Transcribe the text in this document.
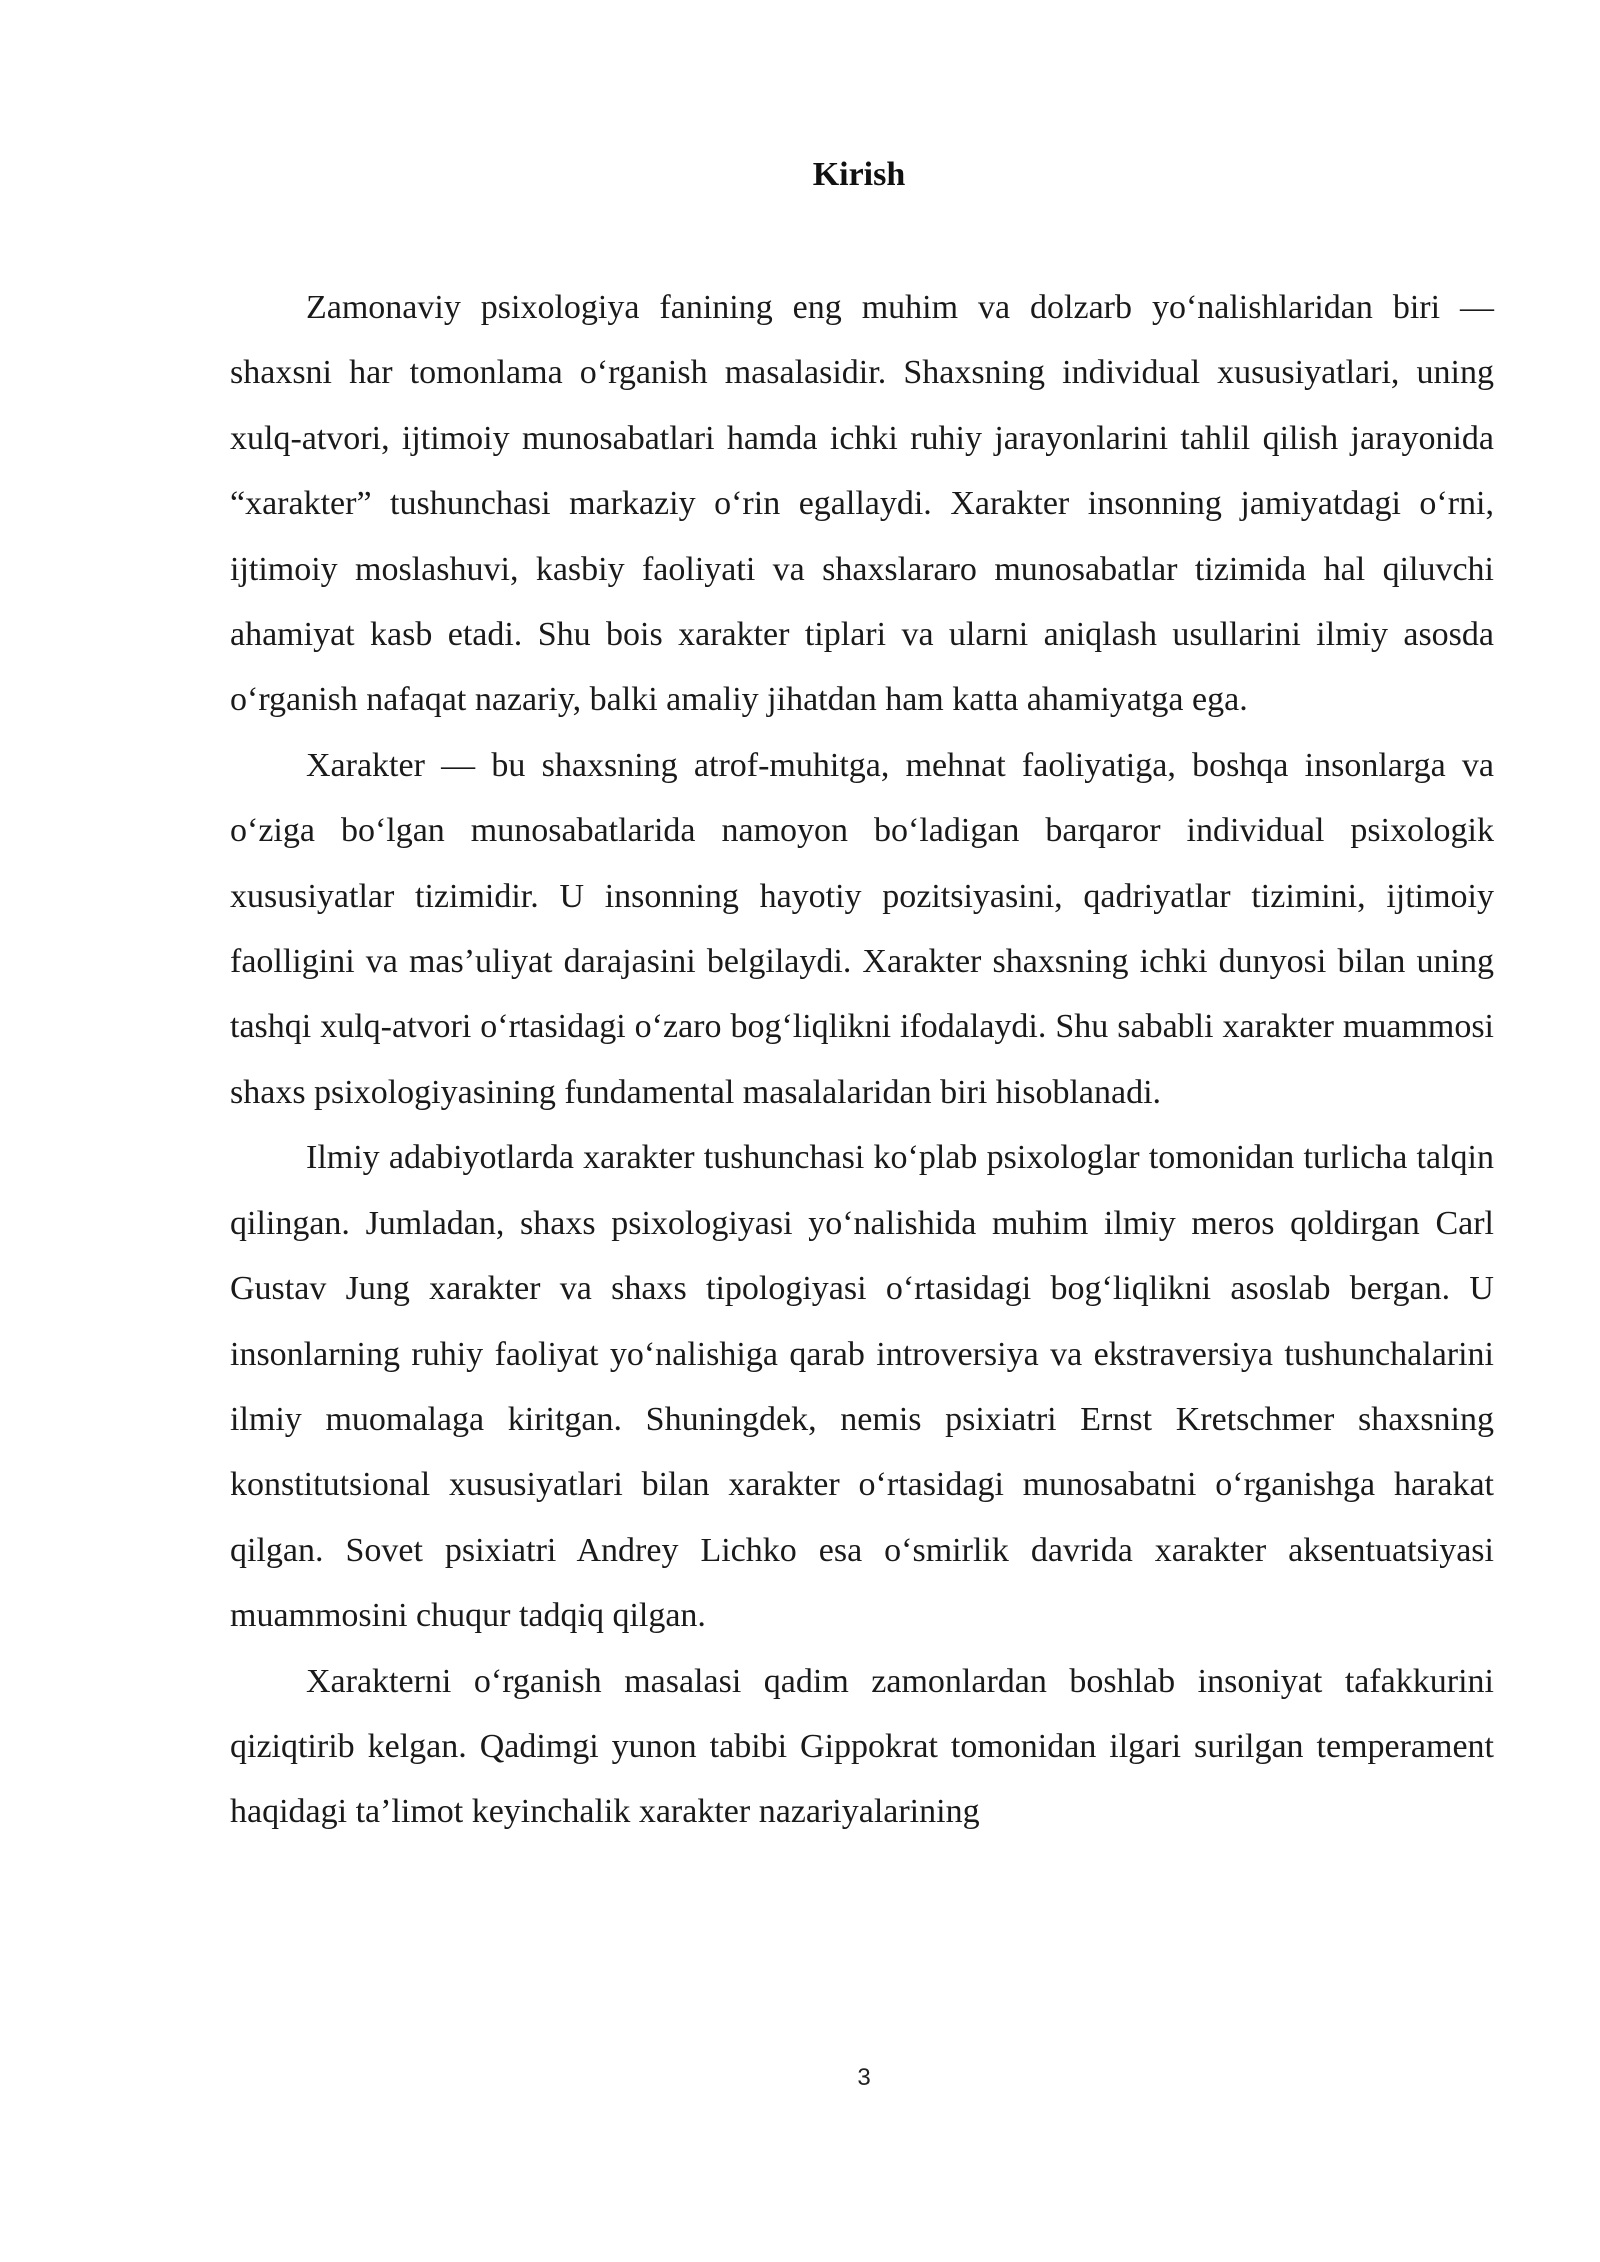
Kirish

Zamonaviy psixologiya fanining eng muhim va dolzarb yo‘nalishlaridan biri — shaxsni har tomonlama o‘rganish masalasidir. Shaxsning individual xususiyatlari, uning xulq-atvori, ijtimoiy munosabatlari hamda ichki ruhiy jarayonlarini tahlil qilish jarayonida “xarakter” tushunchasi markaziy o‘rin egallaydi. Xarakter insonning jamiyatdagi o‘rni, ijtimoiy moslashuvi, kasbiy faoliyati va shaxslararo munosabatlar tizimida hal qiluvchi ahamiyat kasb etadi. Shu bois xarakter tiplari va ularni aniqlash usullarini ilmiy asosda o‘rganish nafaqat nazariy, balki amaliy jihatdan ham katta ahamiyatga ega.

Xarakter — bu shaxsning atrof-muhitga, mehnat faoliyatiga, boshqa insonlarga va o‘ziga bo‘lgan munosabatlarida namoyon bo‘ladigan barqaror individual psixologik xususiyatlar tizimidir. U insonning hayotiy pozitsiyasini, qadriyatlar tizimini, ijtimoiy faolligini va mas’uliyat darajasini belgilaydi. Xarakter shaxsning ichki dunyosi bilan uning tashqi xulq-atvori o‘rtasidagi o‘zaro bog‘liqlikni ifodalaydi. Shu sababli xarakter muammosi shaxs psixologiyasining fundamental masalalaridan biri hisoblanadi.

Ilmiy adabiyotlarda xarakter tushunchasi ko‘plab psixologlar tomonidan turlicha talqin qilingan. Jumladan, shaxs psixologiyasi yo‘nalishida muhim ilmiy meros qoldirgan Carl Gustav Jung xarakter va shaxs tipologiyasi o‘rtasidagi bog‘liqlikni asoslab bergan. U insonlarning ruhiy faoliyat yo‘nalishiga qarab introversiya va ekstraversiya tushunchalarini ilmiy muomalaga kiritgan. Shuningdek, nemis psixiatri Ernst Kretschmer shaxsning konstitutsional xususiyatlari bilan xarakter o‘rtasidagi munosabatni o‘rganishga harakat qilgan. Sovet psixiatri Andrey Lichko esa o‘smirlik davrida xarakter aksentuatsiyasi muammosini chuqur tadqiq qilgan.

Xarakterni o‘rganish masalasi qadim zamonlardan boshlab insoniyat tafakkurini qiziqtirib kelgan. Qadimgi yunon tabibi Gippokrat tomonidan ilgari surilgan temperament haqidagi ta’limot keyinchalik xarakter nazariyalarining

3
